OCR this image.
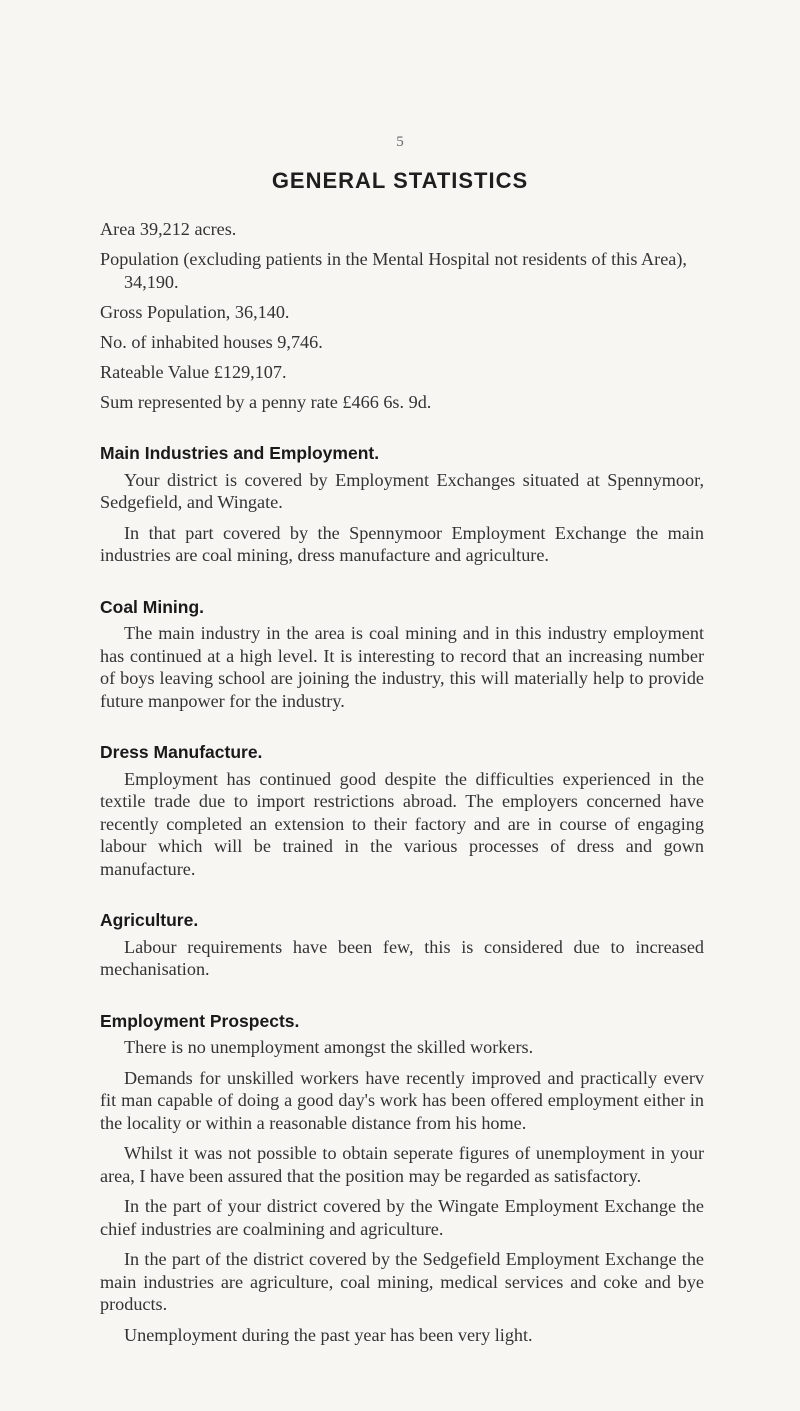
5
GENERAL STATISTICS

Area 39,212 acres.

Population (excluding patients in the Mental Hospital not residents of this Area), 34,190.

Gross Population, 36,140.

No. of inhabited houses 9,746.

Rateable Value £129,107.

Sum represented by a penny rate £466 6s. 9d.

Main Industries and Employment.

Your district is covered by Employment Exchanges situated at Spennymoor, Sedgefield, and Wingate.

In that part covered by the Spennymoor Employment Exchange the main industries are coal mining, dress manufacture and agriculture.

Coal Mining.

The main industry in the area is coal mining and in this industry employment has continued at a high level. It is interesting to record that an increasing number of boys leaving school are joining the industry, this will materially help to provide future manpower for the industry.

Dress Manufacture.

Employment has continued good despite the difficulties experienced in the textile trade due to import restrictions abroad. The employers concerned have recently completed an extension to their factory and are in course of engaging labour which will be trained in the various processes of dress and gown manufacture.

Agriculture.

Labour requirements have been few, this is considered due to increased mechanisation.

Employment Prospects.

There is no unemployment amongst the skilled workers.

Demands for unskilled workers have recently improved and practically everv fit man capable of doing a good day's work has been offered employment either in the locality or within a reasonable distance from his home.

Whilst it was not possible to obtain seperate figures of unemployment in your area, I have been assured that the position may be regarded as satisfactory.

In the part of your district covered by the Wingate Employment Exchange the chief industries are coalmining and agriculture.

In the part of the district covered by the Sedgefield Employment Exchange the main industries are agriculture, coal mining, medical services and coke and bye products.

Unemployment during the past year has been very light.
